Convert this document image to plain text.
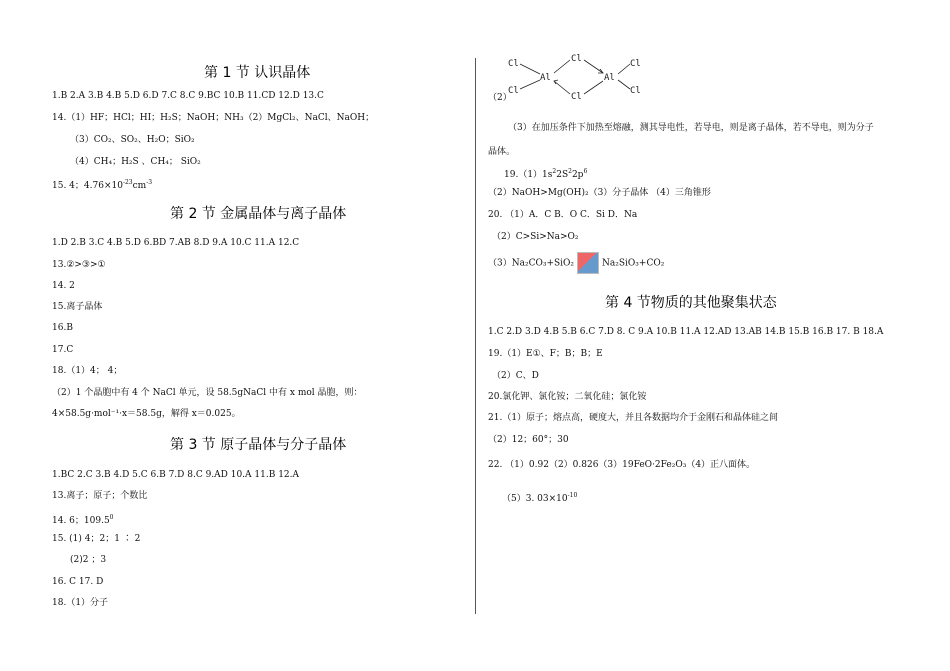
第 1 节 认识晶体
1.B 2.A 3.B 4.B 5.D 6.D 7.C 8.C 9.BC 10.B 11.CD 12.D 13.C
14.（1）HF；HCl；HI；H₂S；NaOH；NH₃（2）MgCl₂、NaCl、NaOH；
（3）CO₂、SO₂、H₂O；SiO₂
（4）CH₄；H₂S 、CH₄； SiO₂
15. 4；$4.76\times 10^{-23}cm^{-3}$
第 2 节 金属晶体与离子晶体
1.D 2.B 3.C 4.B 5.D 6.BD 7.AB 8.D 9.A 10.C 11.A 12.C
13.②>③>①
14. 2
15.离子晶体
16.B
17.C
18.（1）4； 4；
（2）1 个晶胞中有 4 个 NaCl 单元，设 58.5gNaCl 中有 x mol 晶胞，则：
4×58.5g·mol⁻¹·x＝58.5g，解得 x＝0.025。
第 3 节 原子晶体与分子晶体
1.BC 2.C 3.B 4.D 5.C 6.B 7.D 8.C 9.AD 10.A 11.B 12.A
13.离子；原子；个数比
14. 6；109.5$^0$
15. (1) 4；2；1 ∶ 2
(2)2 ；3
16. C 17. D
18.（1）分子
Cl	Cl	Cl
Al	Al
Cl
Cl
Cl
（2）
（3）在加压条件下加热至熔融，测其导电性，若导电，则是离子晶体，若不导电，则为分子
晶体。
$19.(1)1s^22S^22p^6$
（2）NaOH>Mg(OH)₂（3）分子晶体 （4）三角锥形
20. （1）A．C B．O C．Si D．Na
（2）C>Si>Na>O₂
（3）Na₂CO₃+SiO₂	Na₂SiO₃+CO₂
第 4 节物质的其他聚集状态
1.C 2.D 3.D 4.B 5.B 6.C 7.D 8. C 9.A 10.B 11.A 12.AD 13.AB 14.B 15.B 16.B 17. B 18.A
19.（1）E①、F；B；B；E
（2）C、D
20.氯化钾、氯化铵；二氧化硅；氯化铵
21.（1）原子；熔点高，硬度大，并且各数据均介于金刚石和晶体硅之间
（2）12；60°；30
22. （1）0.92（2）0.826（3）19FeO·2Fe₂O₃（4）正八面体。
（5）3. $03\times 10^{-10}$
